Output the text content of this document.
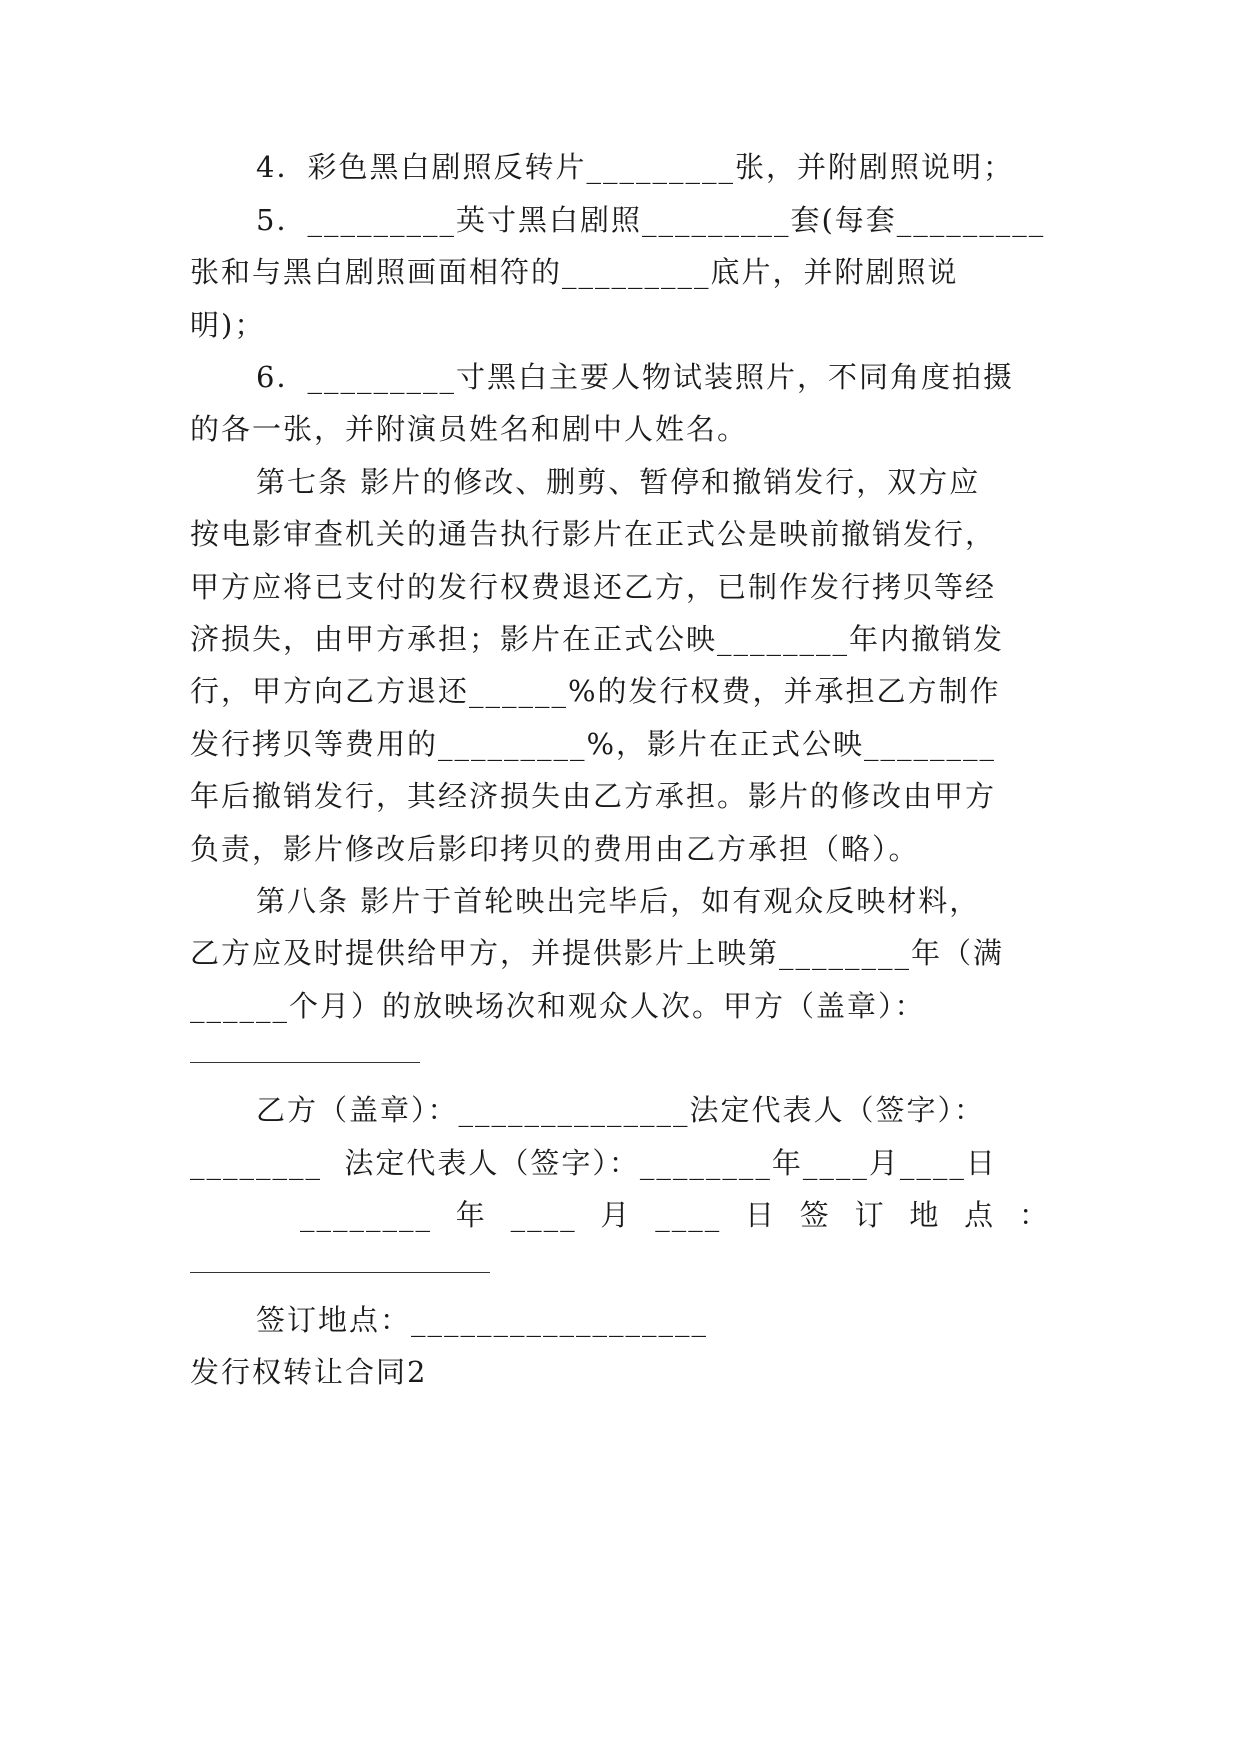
4．彩色黑白剧照反转片_________张，并附剧照说明；
5．_________英寸黑白剧照_________套(每套_________
张和与黑白剧照画面相符的_________底片，并附剧照说
明)；
6．_________寸黑白主要人物试装照片，不同角度拍摄
的各一张，并附演员姓名和剧中人姓名。
第七条 影片的修改、删剪、暂停和撤销发行，双方应
按电影审查机关的通告执行影片在正式公是映前撤销发行，
甲方应将已支付的发行权费退还乙方，已制作发行拷贝等经
济损失，由甲方承担；影片在正式公映________年内撤销发
行，甲方向乙方退还______%的发行权费，并承担乙方制作
发行拷贝等费用的_________%，影片在正式公映________
年后撤销发行，其经济损失由乙方承担。影片的修改由甲方
负责，影片修改后影印拷贝的费用由乙方承担（略）。
第八条 影片于首轮映出完毕后，如有观众反映材料，
乙方应及时提供给甲方，并提供影片上映第________年（满
______个月）的放映场次和观众人次。甲方（盖章）：
乙方（盖章）：______________法定代表人（签字）：
________  法定代表人（签字）：________年____月____日
________年____月____日签订地点：
签订地点：__________________
发行权转让合同2
